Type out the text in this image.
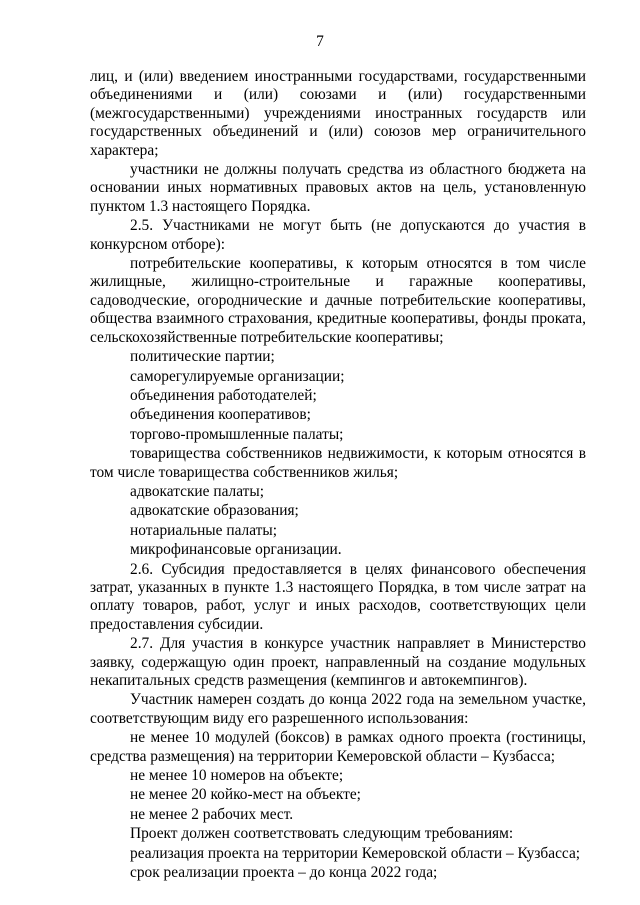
7

лиц, и (или) введением иностранными государствами, государственными объединениями и (или) союзами и (или) государственными (межгосударственными) учреждениями иностранных государств или государственных объединений и (или) союзов мер ограничительного характера;

участники не должны получать средства из областного бюджета на основании иных нормативных правовых актов на цель, установленную пунктом 1.3 настоящего Порядка.

2.5. Участниками не могут быть (не допускаются до участия в конкурсном отборе):

потребительские кооперативы, к которым относятся в том числе жилищные, жилищно-строительные и гаражные кооперативы, садоводческие, огороднические и дачные потребительские кооперативы, общества взаимного страхования, кредитные кооперативы, фонды проката, сельскохозяйственные потребительские кооперативы;

политические партии;

саморегулируемые организации;

объединения работодателей;

объединения кооперативов;

торгово-промышленные палаты;

товарищества собственников недвижимости, к которым относятся в том числе товарищества собственников жилья;

адвокатские палаты;

адвокатские образования;

нотариальные палаты;

микрофинансовые организации.

2.6. Субсидия предоставляется в целях финансового обеспечения затрат, указанных в пункте 1.3 настоящего Порядка, в том числе затрат на оплату товаров, работ, услуг и иных расходов, соответствующих цели предоставления субсидии.

2.7. Для участия в конкурсе участник направляет в Министерство заявку, содержащую один проект, направленный на создание модульных некапитальных средств размещения (кемпингов и автокемпингов).

Участник намерен создать до конца 2022 года на земельном участке, соответствующим виду его разрешенного использования:

не менее 10 модулей (боксов) в рамках одного проекта (гостиницы, средства размещения) на территории Кемеровской области – Кузбасса;

не менее 10 номеров на объекте;

не менее 20 койко-мест на объекте;

не менее 2 рабочих мест.

Проект должен соответствовать следующим требованиям:

реализация проекта на территории Кемеровской области – Кузбасса;

срок реализации проекта – до конца 2022 года;
